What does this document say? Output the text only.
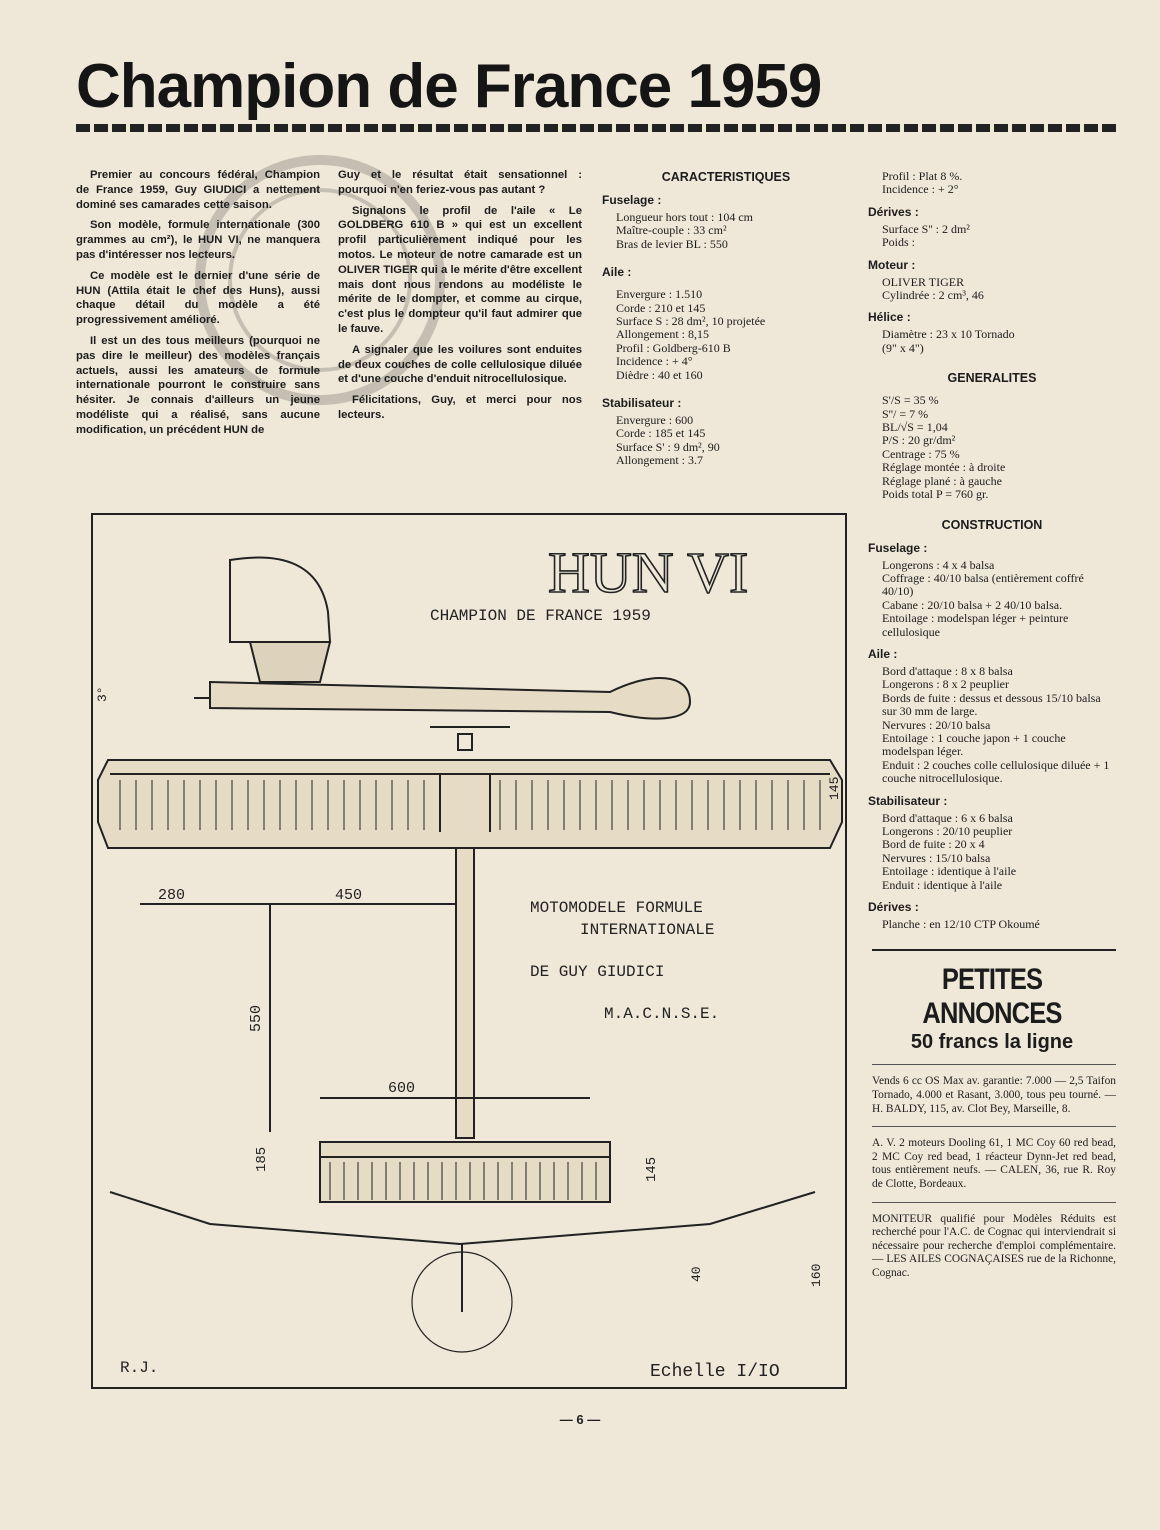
Champion de France 1959

Premier au concours fédéral, Champion de France 1959, Guy GIUDICI a nettement dominé ses camarades cette saison.

Son modèle, formule internationale (300 grammes au cm²), le HUN VI, ne manquera pas d'intéresser nos lecteurs.

Ce modèle est le dernier d'une série de HUN (Attila était le chef des Huns), aussi chaque détail du modèle a été progressivement amélioré.

Il est un des tous meilleurs (pourquoi ne pas dire le meilleur) des modèles français actuels, aussi les amateurs de formule internationale pourront le construire sans hésiter. Je connais d'ailleurs un jeune modéliste qui a réalisé, sans aucune modification, un précédent HUN de

Guy et le résultat était sensationnel : pourquoi n'en feriez-vous pas autant ?

Signalons le profil de l'aile « Le GOLDBERG 610 B » qui est un excellent profil particulièrement indiqué pour les motos. Le moteur de notre camarade est un OLIVER TIGER qui a le mérite d'être excellent mais dont nous rendons au modéliste le mérite de le dompter, et comme au cirque, c'est plus le dompteur qu'il faut admirer que le fauve.

A signaler que les voilures sont enduites de deux couches de colle cellulosique diluée et d'une couche d'enduit nitrocellulosique.

Félicitations, Guy, et merci pour nos lecteurs.

CARACTERISTIQUES
Fuselage :
Longueur hors tout : 104 cm
Maître-couple : 33 cm²
Bras de levier BL : 550
Aile :
Envergure : 1.510
Corde : 210 et 145
Surface S : 28 dm², 10 projetée
Allongement : 8,15
Profil : Goldberg-610 B
Incidence : + 4°
Dièdre : 40 et 160
Stabilisateur :
Envergure : 600
Corde : 185 et 145
Surface S' : 9 dm², 90
Allongement : 3.7
Profil : Plat 8 %.
Incidence : + 2°
Dérives :
Surface S'' : 2 dm²
Poids :
Moteur :
OLIVER TIGER
Cylindrée : 2 cm³, 46
Hélice :
Diamètre : 23 x 10 Tornado
(9" x 4")
GENERALITES
S'/S = 35 %
S''/ = 7 %
BL/√S = 1,04
P/S : 20 gr/dm²
Centrage : 75 %
Réglage montée : à droite
Réglage plané : à gauche
Poids total P = 760 gr.
CONSTRUCTION
Fuselage :
Longerons : 4 x 4 balsa
Coffrage : 40/10 balsa (entièrement coffré 40/10)
Cabane : 20/10 balsa + 2 40/10 balsa.
Entoilage : modelspan léger + peinture cellulosique
Aile :
Bord d'attaque : 8 x 8 balsa
Longerons : 8 x 2 peuplier
Bords de fuite : dessus et dessous 15/10 balsa sur 30 mm de large.
Nervures : 20/10 balsa
Entoilage : 1 couche japon + 1 couche modelspan léger.
Enduit : 2 couches colle cellulosique diluée + 1 couche nitrocellulosique.
Stabilisateur :
Bord d'attaque : 6 x 6 balsa
Longerons : 20/10 peuplier
Bord de fuite : 20 x 4
Nervures : 15/10 balsa
Entoilage : identique à l'aile
Enduit : identique à l'aile
Dérives :
Planche : en 12/10 CTP Okoumé
PETITES ANNONCES
50 francs la ligne
Vends 6 cc OS Max av. garantie: 7.000 — 2,5 Taifon Tornado, 4.000 et Rasant, 3.000, tous peu tourné. — H. BALDY, 115, av. Clot Bey, Marseille, 8.
A. V. 2 moteurs Dooling 61, 1 MC Coy 60 red bead, 2 MC Coy red bead, 1 réacteur Dynn-Jet red bead, tous entièrement neufs. — CALEN, 36, rue R. Roy de Clotte, Bordeaux.
MONITEUR qualifié pour Modèles Réduits est recherché pour l'A.C. de Cognac qui interviendrait si nécessaire pour recherche d'emploi complémentaire. — LES AILES COGNAÇAISES rue de la Richonne, Cognac.
HUN VI
CHAMPION DE FRANCE 1959
3°
145
280	450
550
600
MOTOMODELE FORMULE
INTERNATIONALE
DE GUY GIUDICI
M.A.C.N.S.E.
185	145
40	160
R.J.	Echelle I/IO
— 6 —
